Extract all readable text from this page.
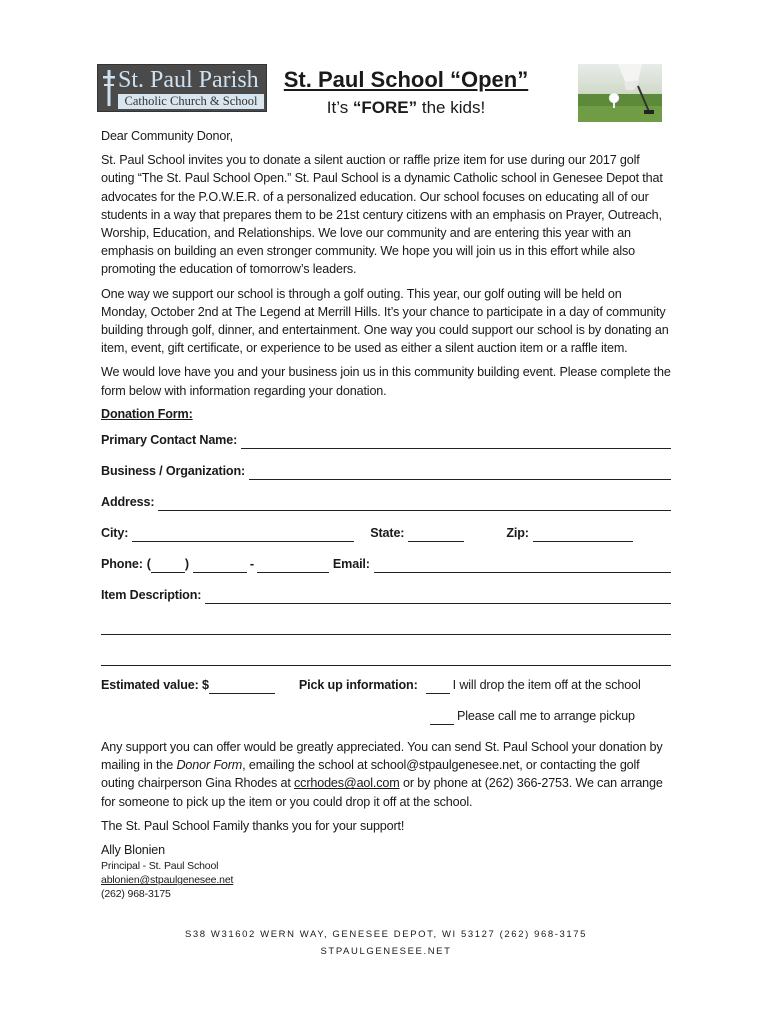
St. Paul Parish
Catholic Church & School
St. Paul School “Open”
It’s “FORE” the kids!

Dear Community Donor,

St. Paul School invites you to donate a silent auction or raffle prize item for use during our 2017 golf outing “The St. Paul School Open.” St. Paul School is a dynamic Catholic school in Genesee Depot that advocates for the P.O.W.E.R. of a personalized education. Our school focuses on educating all of our students in a way that prepares them to be 21st century citizens with an emphasis on Prayer, Outreach, Worship, Education, and Relationships. We love our community and are entering this year with an emphasis on building an even stronger community. We hope you will join us in this effort while also promoting the education of tomorrow’s leaders.

One way we support our school is through a golf outing. This year, our golf outing will be held on Monday, October 2nd at The Legend at Merrill Hills. It’s your chance to participate in a day of community building through golf, dinner, and entertainment. One way you could support our school is by donating an item, event, gift certificate, or experience to be used as either a silent auction item or a raffle item.

We would love have you and your business join us in this community building event. Please complete the form below with information regarding your donation.

Donation Form:

Primary Contact Name:
Business / Organization:
Address:
City:	State:	Zip:
Phone: (	)	-	Email:
Item Description:
Estimated value: $	Pick up information:	I will drop the item off at the school
Please call me to arrange pickup

Any support you can offer would be greatly appreciated. You can send St. Paul School your donation by mailing in the Donor Form, emailing the school at school@stpaulgenesee.net, or contacting the golf outing chairperson Gina Rhodes at ccrhodes@aol.com or by phone at (262) 366-2753. We can arrange for someone to pick up the item or you could drop it off at the school.

The St. Paul School Family thanks you for your support!

Ally Blonien

Principal - St. Paul School

ablonien@stpaulgenesee.net

(262) 968-3175

S38 W31602 WERN WAY, GENESEE DEPOT, WI 53127 (262) 968-3175
STPAULGENESEE.NET
